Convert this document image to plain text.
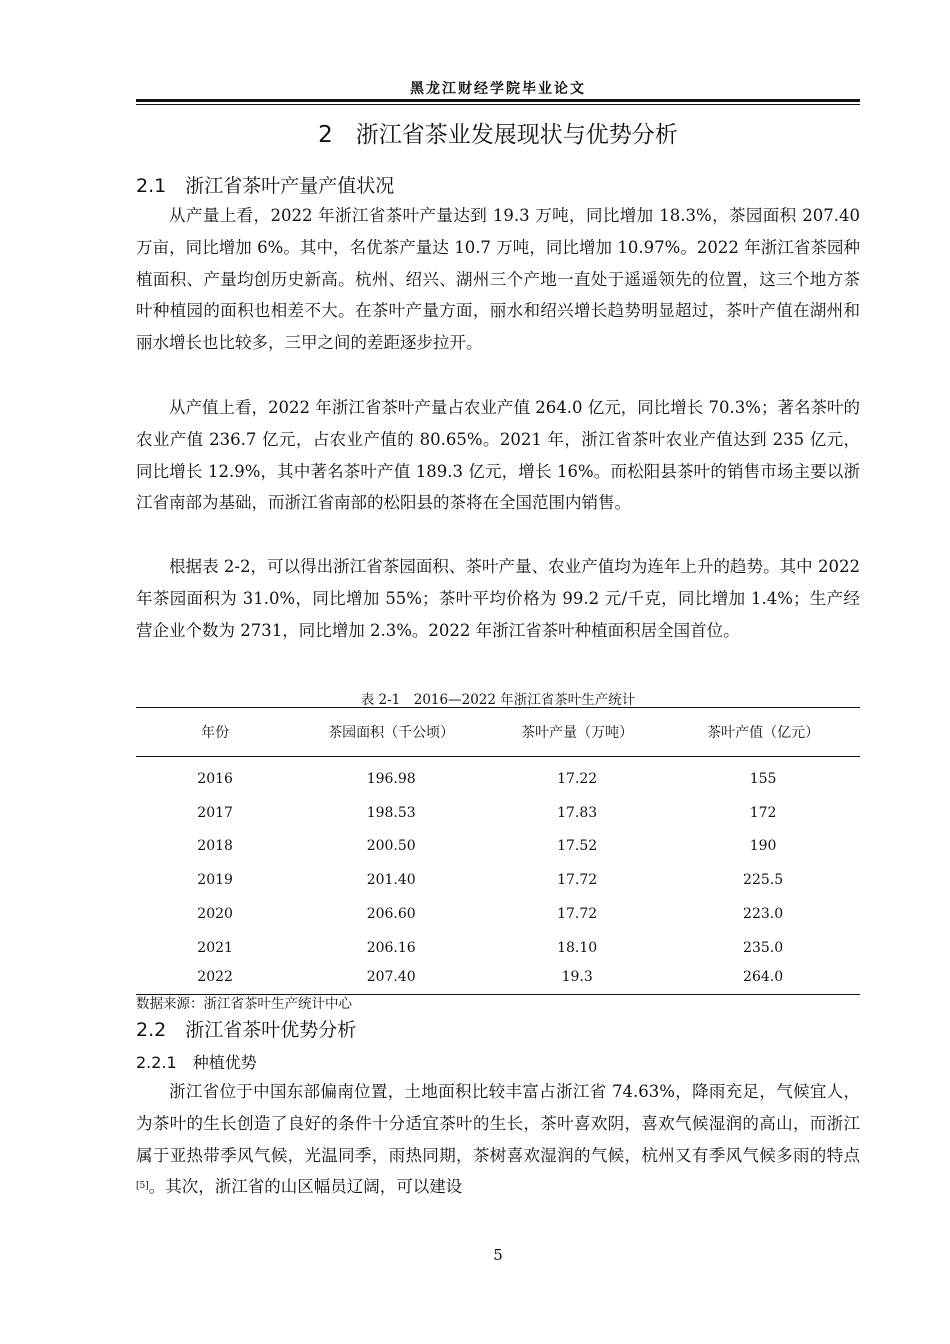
黑龙江财经学院毕业论文
2　浙江省茶业发展现状与优势分析
2.1　浙江省茶叶产量产值状况

从产量上看，2022 年浙江省茶叶产量达到 19.3 万吨，同比增加 18.3%，茶园面积 207.40 万亩，同比增加 6%。其中，名优茶产量达 10.7 万吨，同比增加 10.97%。2022 年浙江省茶园种植面积、产量均创历史新高。杭州、绍兴、湖州三个产地一直处于遥遥领先的位置，这三个地方茶叶种植园的面积也相差不大。在茶叶产量方面，丽水和绍兴增长趋势明显超过，茶叶产值在湖州和丽水增长也比较多，三甲之间的差距逐步拉开。

从产值上看，2022 年浙江省茶叶产量占农业产值 264.0 亿元，同比增长 70.3%；著名茶叶的农业产值 236.7 亿元，占农业产值的 80.65%。2021 年，浙江省茶叶农业产值达到 235 亿元，同比增长 12.9%，其中著名茶叶产值 189.3 亿元，增长 16%。而松阳县茶叶的销售市场主要以浙江省南部为基础，而浙江省南部的松阳县的茶将在全国范围内销售。

根据表 2-2，可以得出浙江省茶园面积、茶叶产量、农业产值均为连年上升的趋势。其中 2022 年茶园面积为 31.0%，同比增加 55%；茶叶平均价格为 99.2 元/千克，同比增加 1.4%；生产经营企业个数为 2731，同比增加 2.3%。2022 年浙江省茶叶种植面积居全国首位。

表 2-1　2016—2022 年浙江省茶叶生产统计
年份	茶园面积（千公顷）	茶叶产量（万吨）	茶叶产值（亿元）
2016	196.98	17.22	155
2017	198.53	17.83	172
2018	200.50	17.52	190
2019	201.40	17.72	225.5
2020	206.60	17.72	223.0
2021	206.16	18.10	235.0
2022	207.40	19.3	264.0
数据来源：浙江省茶叶生产统计中心
2.2　浙江省茶叶优势分析
2.2.1　种植优势

浙江省位于中国东部偏南位置，土地面积比较丰富占浙江省 74.63%，降雨充足，气候宜人，为茶叶的生长创造了良好的条件十分适宜茶叶的生长，茶叶喜欢阴，喜欢气候湿润的高山，而浙江属于亚热带季风气候，光温同季，雨热同期，茶树喜欢湿润的气候，杭州又有季风气候多雨的特点[5]。其次，浙江省的山区幅员辽阔，可以建设

5
